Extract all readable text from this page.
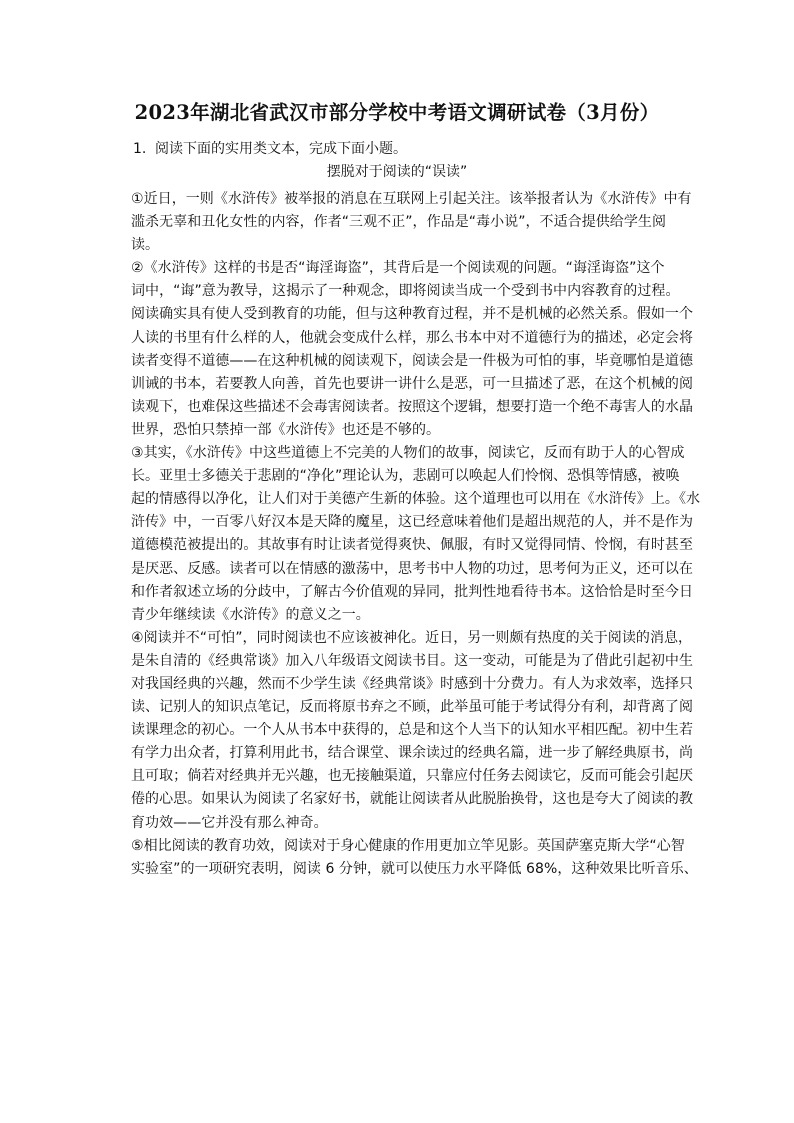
2023年湖北省武汉市部分学校中考语文调研试卷（3月份）
1. 阅读下面的实用类文本，完成下面小题。
摆脱对于阅读的“误读”
①近日，一则《水浒传》被举报的消息在互联网上引起关注。该举报者认为《水浒传》中有
滥杀无辜和丑化女性的内容，作者“三观不正”，作品是“毒小说”，不适合提供给学生阅
读。
②《水浒传》这样的书是否“诲淫诲盗”，其背后是一个阅读观的问题。“诲淫诲盗”这个
词中，“诲”意为教导，这揭示了一种观念，即将阅读当成一个受到书中内容教育的过程。
阅读确实具有使人受到教育的功能，但与这种教育过程，并不是机械的必然关系。假如一个
人读的书里有什么样的人，他就会变成什么样，那么书本中对不道德行为的描述，必定会将
读者变得不道德——在这种机械的阅读观下，阅读会是一件极为可怕的事，毕竟哪怕是道德
训诫的书本，若要教人向善，首先也要讲一讲什么是恶，可一旦描述了恶，在这个机械的阅
读观下，也难保这些描述不会毒害阅读者。按照这个逻辑，想要打造一个绝不毒害人的水晶
世界，恐怕只禁掉一部《水浒传》也还是不够的。
③其实，《水浒传》中这些道德上不完美的人物们的故事，阅读它，反而有助于人的心智成
长。亚里士多德关于悲剧的“净化”理论认为，悲剧可以唤起人们怜悯、恐惧等情感，被唤
起的情感得以净化，让人们对于美德产生新的体验。这个道理也可以用在《水浒传》上。《水
浒传》中，一百零八好汉本是天降的魔星，这已经意味着他们是超出规范的人，并不是作为
道德模范被提出的。其故事有时让读者觉得爽快、佩服，有时又觉得同情、怜悯，有时甚至
是厌恶、反感。读者可以在情感的激荡中，思考书中人物的功过，思考何为正义，还可以在
和作者叙述立场的分歧中，了解古今价值观的异同，批判性地看待书本。这恰恰是时至今日
青少年继续读《水浒传》的意义之一。
④阅读并不“可怕”，同时阅读也不应该被神化。近日，另一则颇有热度的关于阅读的消息，
是朱自清的《经典常谈》加入八年级语文阅读书目。这一变动，可能是为了借此引起初中生
对我国经典的兴趣，然而不少学生读《经典常谈》时感到十分费力。有人为求效率，选择只
读、记别人的知识点笔记，反而将原书弃之不顾，此举虽可能于考试得分有利，却背离了阅
读课理念的初心。一个人从书本中获得的，总是和这个人当下的认知水平相匹配。初中生若
有学力出众者，打算利用此书，结合课堂、课余读过的经典名篇，进一步了解经典原书，尚
且可取；倘若对经典并无兴趣，也无接触渠道，只靠应付任务去阅读它，反而可能会引起厌
倦的心思。如果认为阅读了名家好书，就能让阅读者从此脱胎换骨，这也是夸大了阅读的教
育功效——它并没有那么神奇。
⑤相比阅读的教育功效，阅读对于身心健康的作用更加立竿见影。英国萨塞克斯大学“心智
实验室”的一项研究表明，阅读 6 分钟，就可以使压力水平降低 68%，这种效果比听音乐、
